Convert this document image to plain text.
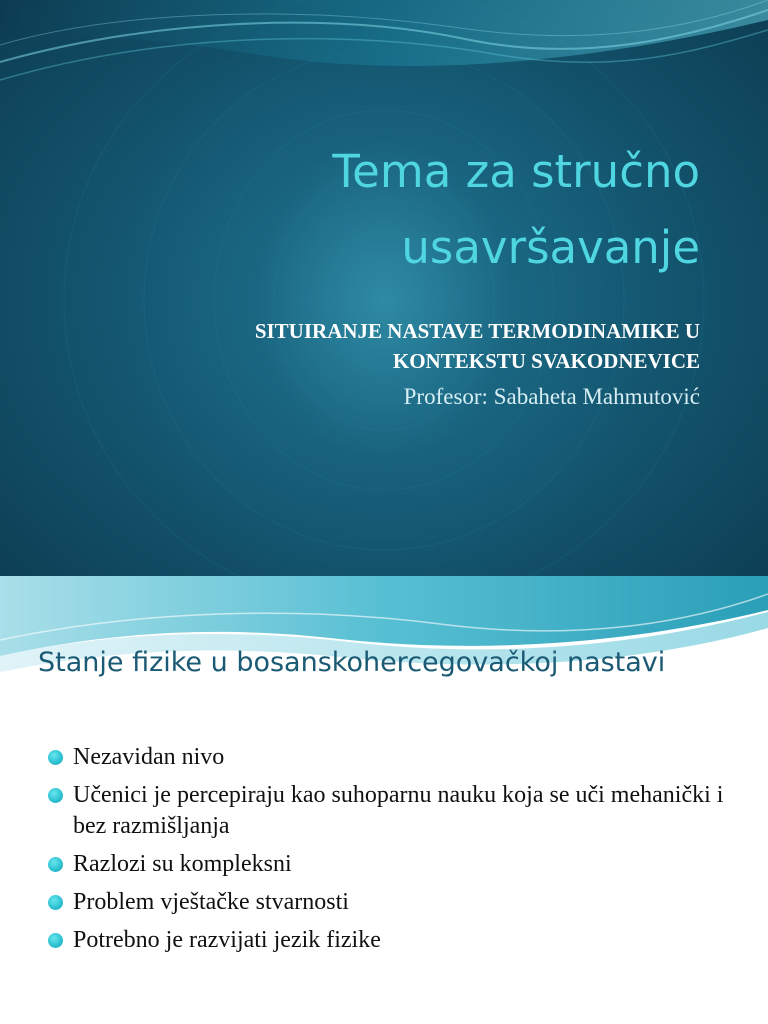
Tema za stručno usavršavanje
SITUIRANJE NASTAVE TERMODINAMIKE U
KONTEKSTU SVAKODNEVICE
Profesor: Sabaheta Mahmutović
Stanje fizike u bosanskohercegovačkoj nastavi
Nezavidan nivo
Učenici je percepiraju kao suhoparnu nauku koja se uči mehanički i bez razmišljanja
Razlozi su kompleksni
Problem vještačke stvarnosti
Potrebno je razvijati jezik fizike
